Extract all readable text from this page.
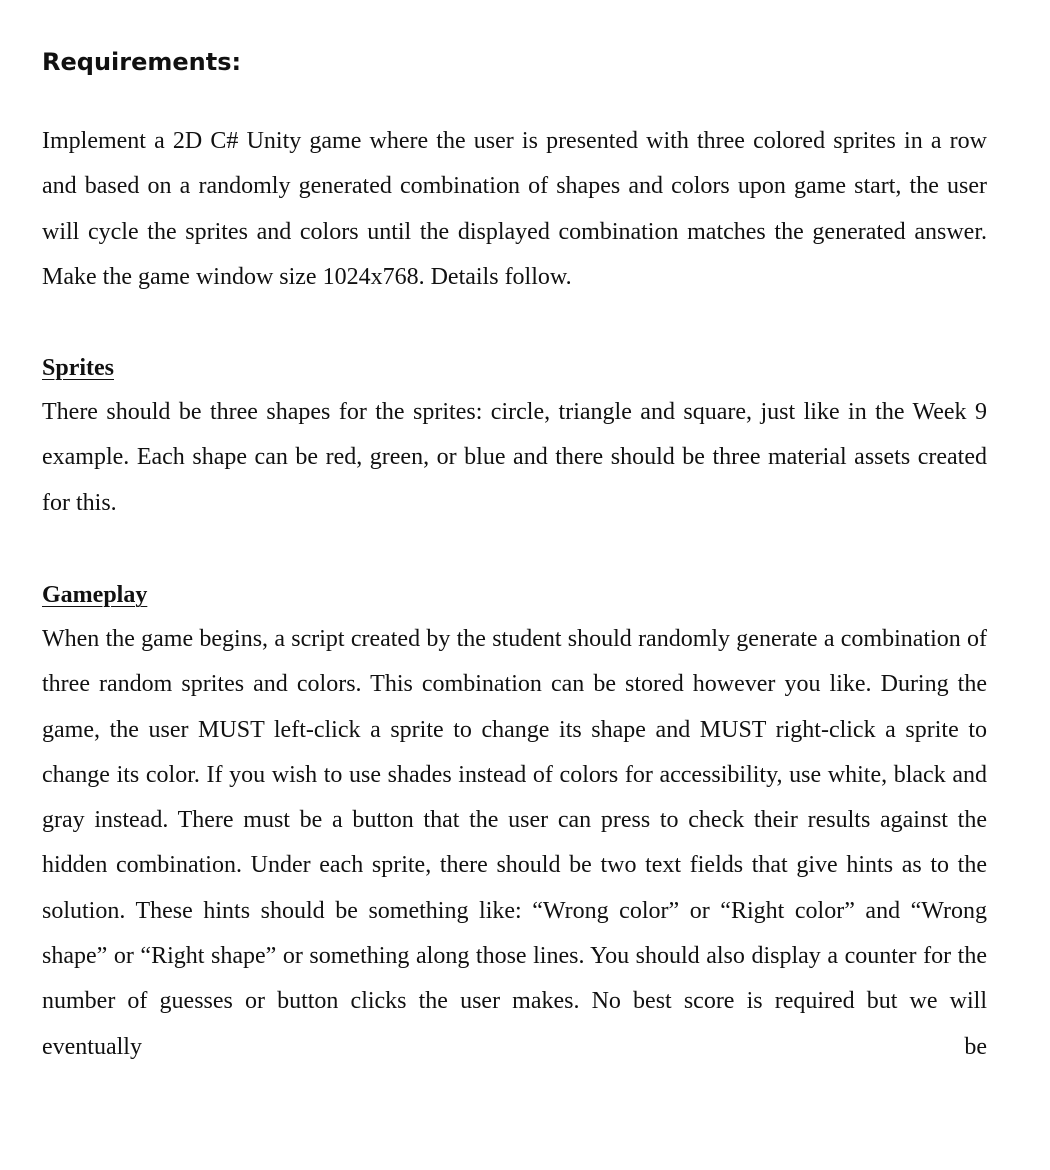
Requirements:

Implement a 2D C# Unity game where the user is presented with three colored sprites in a row and based on a randomly generated combination of shapes and colors upon game start, the user will cycle the sprites and colors until the displayed combination matches the generated answer. Make the game window size 1024x768. Details follow.

Sprites

There should be three shapes for the sprites: circle, triangle and square, just like in the Week 9 example. Each shape can be red, green, or blue and there should be three material assets created for this.

Gameplay

When the game begins, a script created by the student should randomly generate a combination of three random sprites and colors. This combination can be stored however you like. During the game, the user MUST left-click a sprite to change its shape and MUST right-click a sprite to change its color. If you wish to use shades instead of colors for accessibility, use white, black and gray instead. There must be a button that the user can press to check their results against the hidden combination. Under each sprite, there should be two text fields that give hints as to the solution. These hints should be something like: “Wrong color” or “Right color” and “Wrong shape” or “Right shape” or something along those lines. You should also display a counter for the number of guesses or button clicks the user makes. No best score is required but we will eventually be
